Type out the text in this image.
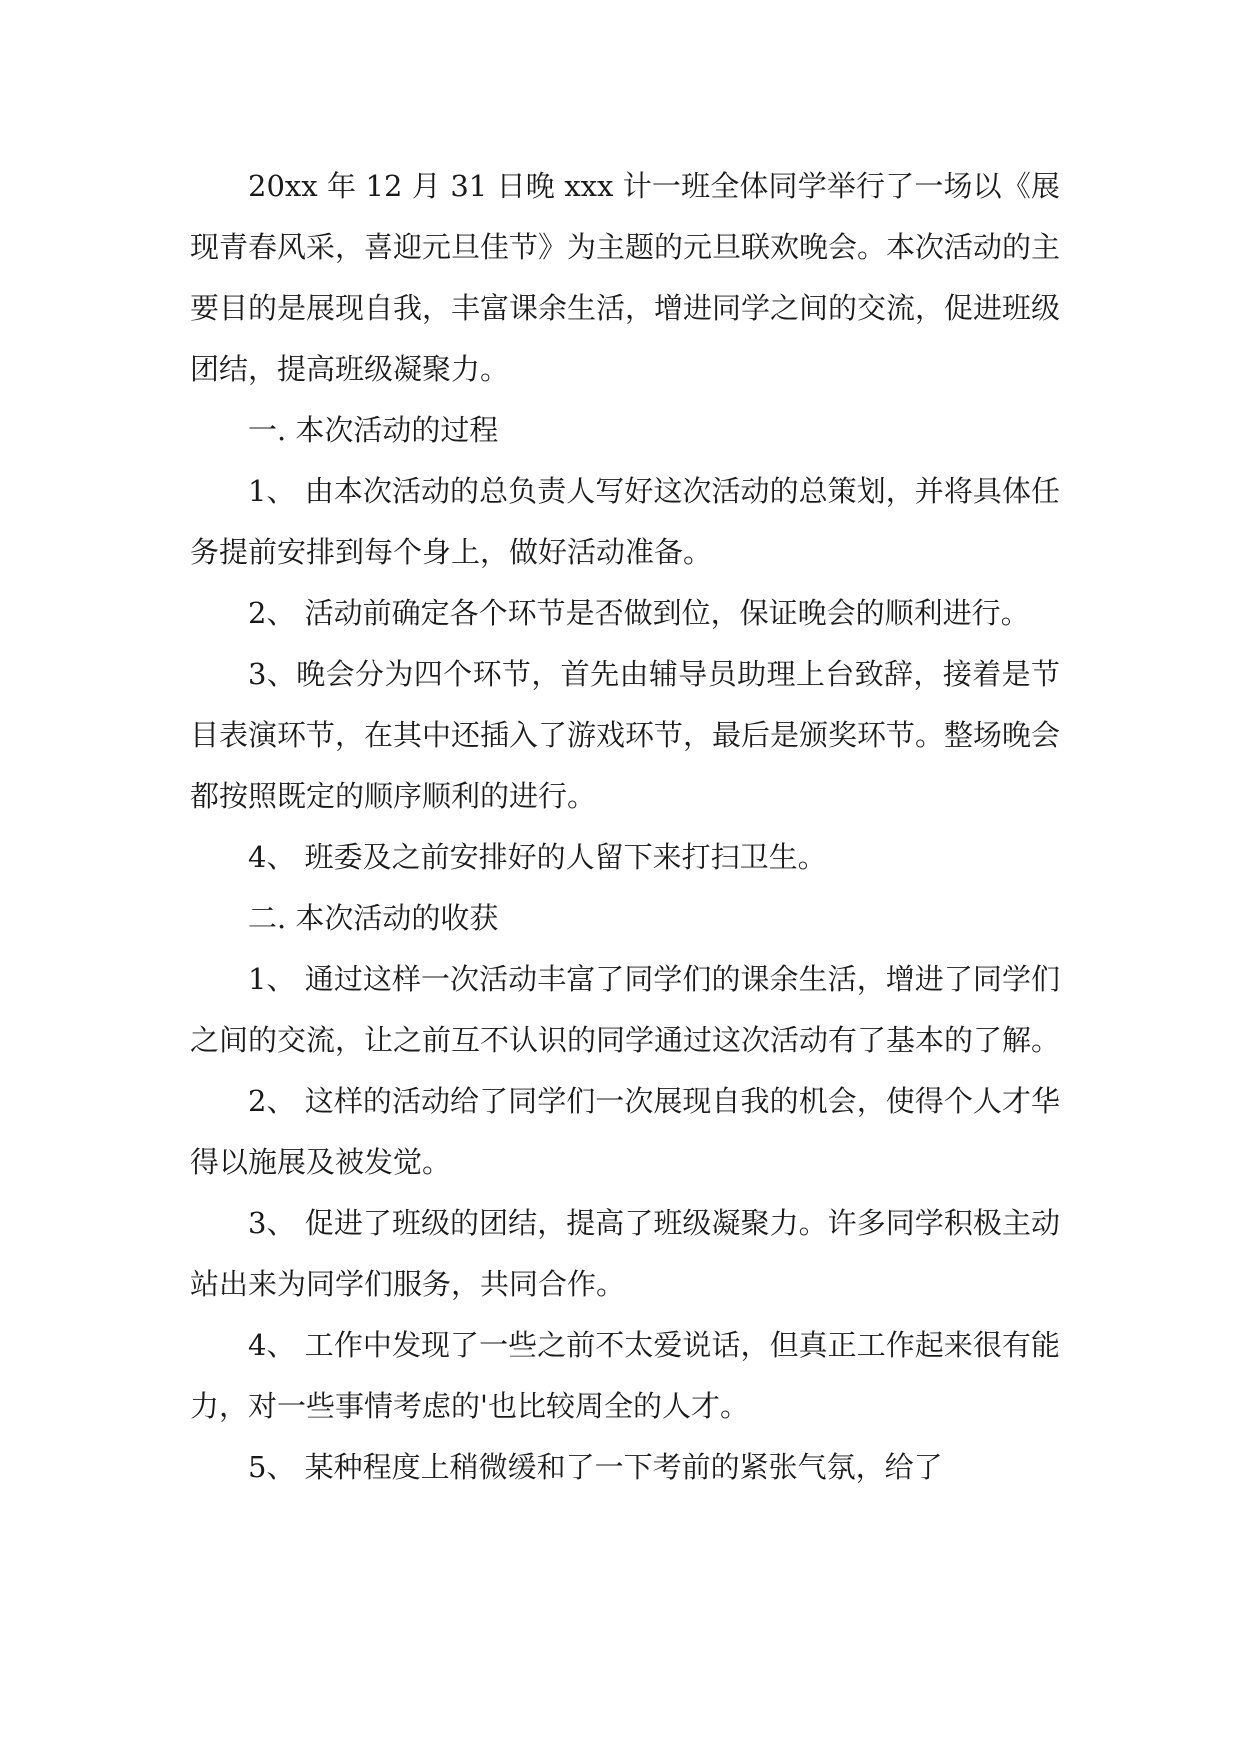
20xx 年 12 月 31 日晚 xxx 计一班全体同学举行了一场以《展现青春风采，喜迎元旦佳节》为主题的元旦联欢晚会。本次活动的主要目的是展现自我，丰富课余生活，增进同学之间的交流，促进班级团结，提高班级凝聚力。

一. 本次活动的过程

1、 由本次活动的总负责人写好这次活动的总策划，并将具体任务提前安排到每个身上，做好活动准备。

2、 活动前确定各个环节是否做到位，保证晚会的顺利进行。

3、晚会分为四个环节，首先由辅导员助理上台致辞，接着是节目表演环节，在其中还插入了游戏环节，最后是颁奖环节。整场晚会都按照既定的顺序顺利的进行。

4、 班委及之前安排好的人留下来打扫卫生。

二. 本次活动的收获

1、 通过这样一次活动丰富了同学们的课余生活，增进了同学们之间的交流，让之前互不认识的同学通过这次活动有了基本的了解。

2、 这样的活动给了同学们一次展现自我的机会，使得个人才华得以施展及被发觉。

3、 促进了班级的团结，提高了班级凝聚力。许多同学积极主动站出来为同学们服务，共同合作。

4、 工作中发现了一些之前不太爱说话，但真正工作起来很有能力，对一些事情考虑的'也比较周全的人才。

5、 某种程度上稍微缓和了一下考前的紧张气氛，给了
